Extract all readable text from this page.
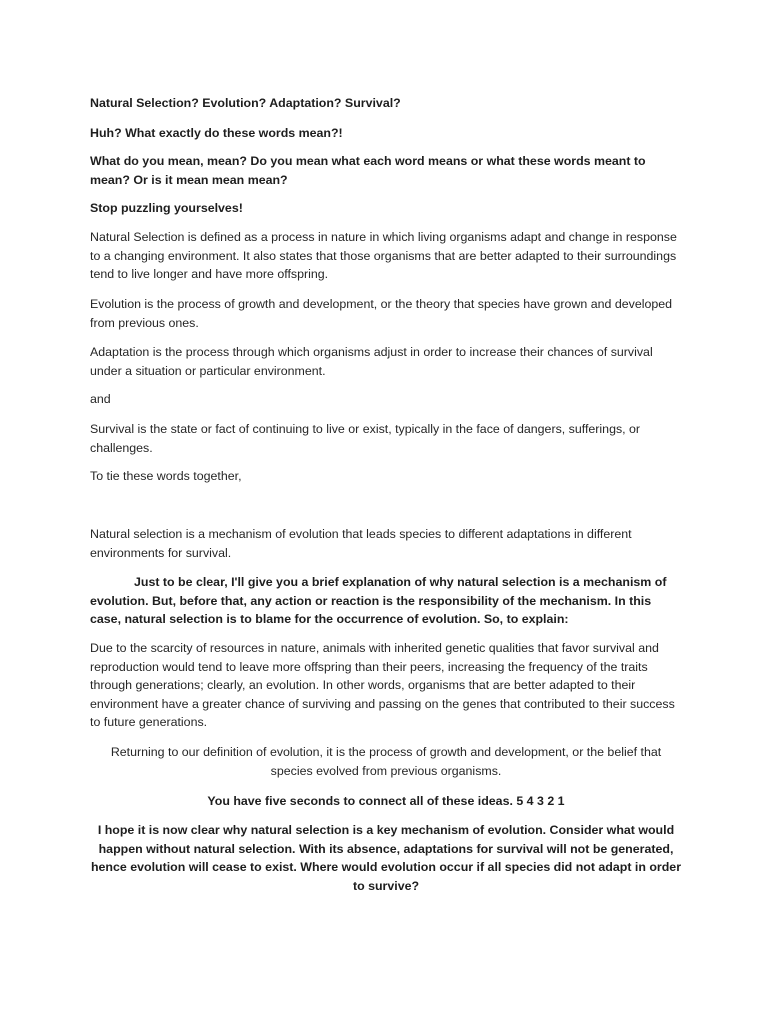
Natural Selection? Evolution? Adaptation? Survival?

Huh? What exactly do these words mean?!

What do you mean, mean? Do you mean what each word means or what these words meant to mean? Or is it mean mean mean?

Stop puzzling yourselves!

Natural Selection is defined as a process in nature in which living organisms adapt and change in response to a changing environment. It also states that those organisms that are better adapted to their surroundings tend to live longer and have more offspring.

Evolution is the process of growth and development, or the theory that species have grown and developed from previous ones.

Adaptation is the process through which organisms adjust in order to increase their chances of survival under a situation or particular environment.

and

Survival is the state or fact of continuing to live or exist, typically in the face of dangers, sufferings, or challenges.

To tie these words together,

Natural selection is a mechanism of evolution that leads species to different adaptations in different environments for survival.

Just to be clear, I'll give you a brief explanation of why natural selection is a mechanism of evolution. But, before that, any action or reaction is the responsibility of the mechanism. In this case, natural selection is to blame for the occurrence of evolution. So, to explain:

Due to the scarcity of resources in nature, animals with inherited genetic qualities that favor survival and reproduction would tend to leave more offspring than their peers, increasing the frequency of the traits through generations; clearly, an evolution. In other words, organisms that are better adapted to their environment have a greater chance of surviving and passing on the genes that contributed to their success to future generations.

Returning to our definition of evolution, it is the process of growth and development, or the belief that species evolved from previous organisms.

You have five seconds to connect all of these ideas. 5 4 3 2 1

I hope it is now clear why natural selection is a key mechanism of evolution. Consider what would happen without natural selection. With its absence, adaptations for survival will not be generated, hence evolution will cease to exist. Where would evolution occur if all species did not adapt in order to survive?
